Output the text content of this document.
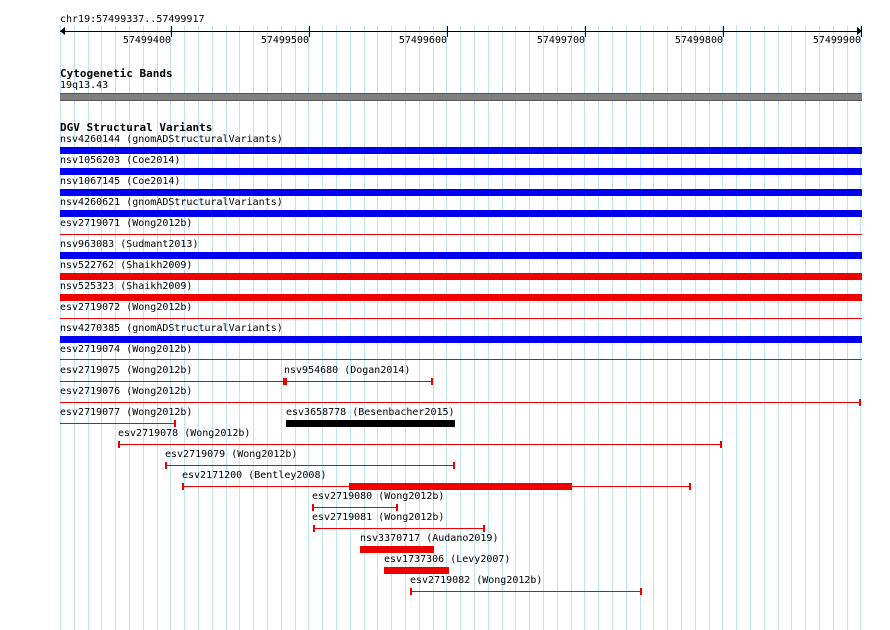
chr19:57499337..57499917
57499400	57499500	57499600	57499700	57499800	57499900
Cytogenetic Bands
19q13.43
DGV Structural Variants
nsv4260144 (gnomADStructuralVariants)
nsv1056203 (Coe2014)
nsv1067145 (Coe2014)
nsv4260621 (gnomADStructuralVariants)
esv2719071 (Wong2012b)
nsv963083 (Sudmant2013)
nsv522762 (Shaikh2009)
nsv525323 (Shaikh2009)
esv2719072 (Wong2012b)
nsv4270385 (gnomADStructuralVariants)
esv2719074 (Wong2012b)
esv2719075 (Wong2012b)	nsv954680 (Dogan2014)
esv2719076 (Wong2012b)
esv2719077 (Wong2012b)	esv3658778 (Besenbacher2015)
esv2719078 (Wong2012b)
esv2719079 (Wong2012b)
esv2171200 (Bentley2008)
esv2719080 (Wong2012b)
esv2719081 (Wong2012b)
nsv3370717 (Audano2019)
esv1737306 (Levy2007)
esv2719082 (Wong2012b)
